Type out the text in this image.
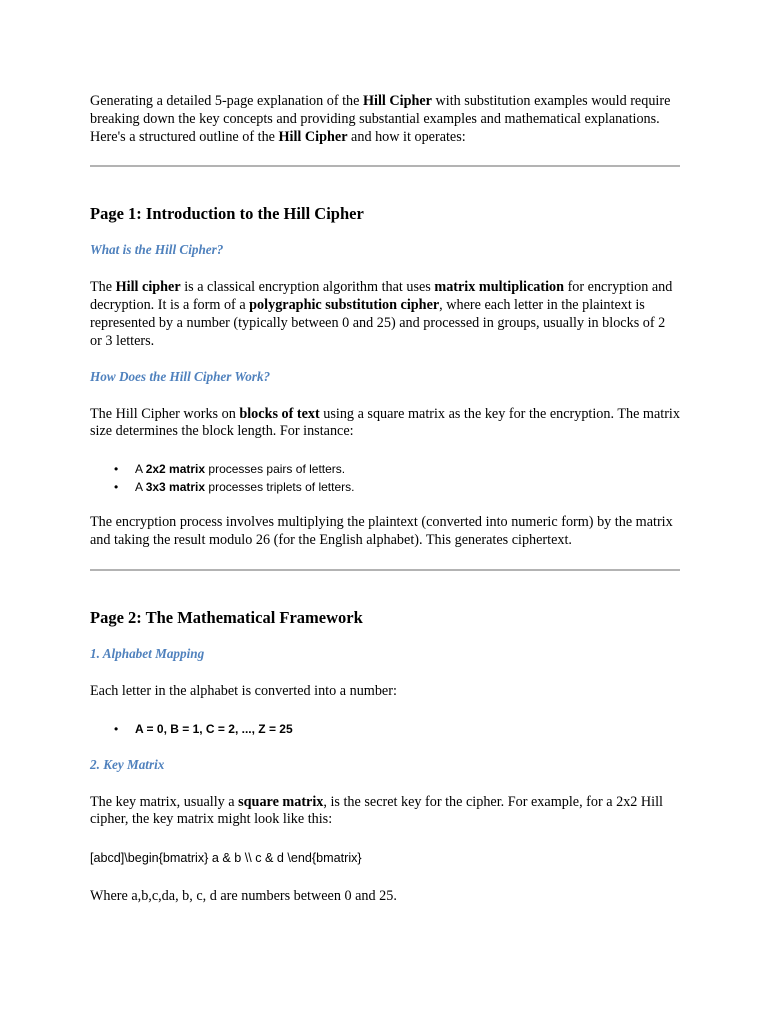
Generating a detailed 5-page explanation of the Hill Cipher with substitution examples would require breaking down the key concepts and providing substantial examples and mathematical explanations. Here's a structured outline of the Hill Cipher and how it operates:

Page 1: Introduction to the Hill Cipher
What is the Hill Cipher?

The Hill cipher is a classical encryption algorithm that uses matrix multiplication for encryption and decryption. It is a form of a polygraphic substitution cipher, where each letter in the plaintext is represented by a number (typically between 0 and 25) and processed in groups, usually in blocks of 2 or 3 letters.

How Does the Hill Cipher Work?

The Hill Cipher works on blocks of text using a square matrix as the key for the encryption. The matrix size determines the block length. For instance:

• A 2x2 matrix processes pairs of letters.
• A 3x3 matrix processes triplets of letters.

The encryption process involves multiplying the plaintext (converted into numeric form) by the matrix and taking the result modulo 26 (for the English alphabet). This generates ciphertext.

Page 2: The Mathematical Framework
1. Alphabet Mapping

Each letter in the alphabet is converted into a number:

• A = 0, B = 1, C = 2, ..., Z = 25
2. Key Matrix

The key matrix, usually a square matrix, is the secret key for the cipher. For example, for a 2x2 Hill cipher, the key matrix might look like this:

[abcd]\begin{bmatrix} a & b \\ c & d \end{bmatrix}

Where a,b,c,da, b, c, d are numbers between 0 and 25.
